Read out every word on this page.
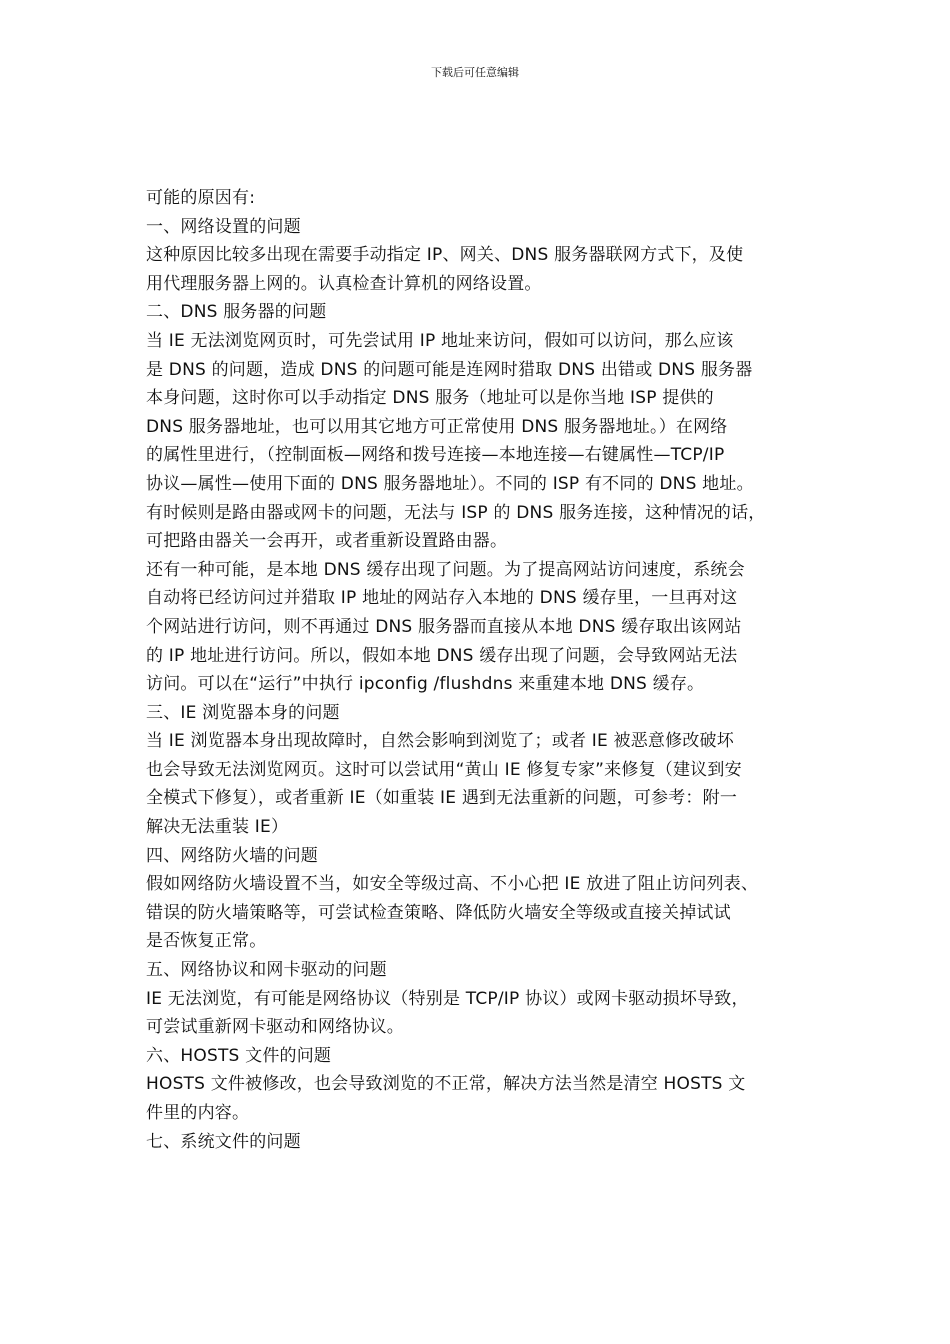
下载后可任意编辑
可能的原因有:
一、网络设置的问题
这种原因比较多出现在需要手动指定 IP、网关、DNS 服务器联网方式下，及使
用代理服务器上网的。认真检查计算机的网络设置。
二、DNS 服务器的问题
当 IE 无法浏览网页时，可先尝试用 IP 地址来访问，假如可以访问，那么应该
是 DNS 的问题，造成 DNS 的问题可能是连网时猎取 DNS 出错或 DNS 服务器
本身问题，这时你可以手动指定 DNS 服务（地址可以是你当地 ISP 提供的
DNS 服务器地址，也可以用其它地方可正常使用 DNS 服务器地址。）在网络
的属性里进行，（控制面板—网络和拨号连接—本地连接—右键属性—TCP/IP
协议—属性—使用下面的 DNS 服务器地址）。不同的 ISP 有不同的 DNS 地址。
有时候则是路由器或网卡的问题，无法与 ISP 的 DNS 服务连接，这种情况的话，
可把路由器关一会再开，或者重新设置路由器。
还有一种可能，是本地 DNS 缓存出现了问题。为了提高网站访问速度，系统会
自动将已经访问过并猎取 IP 地址的网站存入本地的 DNS 缓存里，一旦再对这
个网站进行访问，则不再通过 DNS 服务器而直接从本地 DNS 缓存取出该网站
的 IP 地址进行访问。所以，假如本地 DNS 缓存出现了问题，会导致网站无法
访问。可以在“运行”中执行 ipconfig /flushdns 来重建本地 DNS 缓存。
三、IE 浏览器本身的问题
当 IE 浏览器本身出现故障时，自然会影响到浏览了；或者 IE 被恶意修改破坏
也会导致无法浏览网页。这时可以尝试用“黄山 IE 修复专家”来修复（建议到安
全模式下修复），或者重新 IE（如重装 IE 遇到无法重新的问题，可参考：附一
解决无法重装 IE）
四、网络防火墙的问题
假如网络防火墙设置不当，如安全等级过高、不小心把 IE 放进了阻止访问列表、
错误的防火墙策略等，可尝试检查策略、降低防火墙安全等级或直接关掉试试
是否恢复正常。
五、网络协议和网卡驱动的问题
IE 无法浏览，有可能是网络协议（特别是 TCP/IP 协议）或网卡驱动损坏导致，
可尝试重新网卡驱动和网络协议。
六、HOSTS 文件的问题
HOSTS 文件被修改，也会导致浏览的不正常，解决方法当然是清空 HOSTS 文
件里的内容。
七、系统文件的问题
